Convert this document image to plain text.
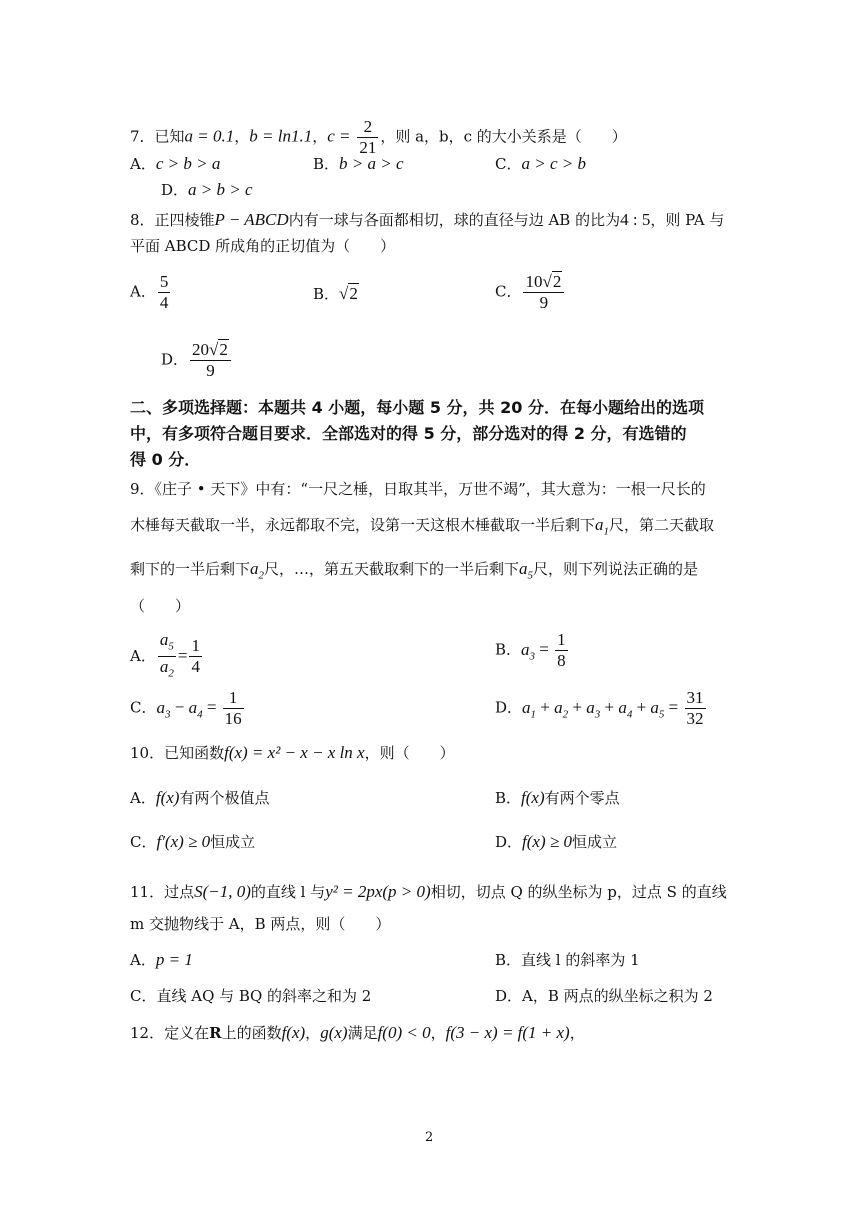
7．已知a = 0.1，b = ln1.1，$c = \frac{2}{21}$ ，则 a，b，c 的大小关系是（　　）
A．c > b > a	B．b > a > c	C．a > c > b
D．a > b > c
8．正四棱锥P − ABCD内有一球与各面都相切，球的直径与边 AB 的比为4 : 5，则 PA 与
平面 ABCD 所成角的正切值为（　　）
A． $\frac{5}{4}$	B．√2	C． $\frac{10√2}{9}$
D． $\frac{20√2}{9}$
二、多项选择题：本题共 4 小题，每小题 5 分，共 20 分．在每小题给出的选项
中，有多项符合题目要求．全部选对的得 5 分，部分选对的得 2 分，有选错的
得 0 分．
9．《庄子 • 天下》中有：“一尺之棰，日取其半，万世不竭”，其大意为：一根一尺长的
木棰每天截取一半，永远都取不完，设第一天这根木棰截取一半后剩下$a_1$尺，第二天截取
剩下的一半后剩下$a_2$尺，…，第五天截取剩下的一半后剩下$a_5$尺，则下列说法正确的是
（　　）
A． $\frac{a_5}{a_2} = \frac{1}{4}$	B．$a_3 = \frac{1}{8}$
C．$a_3 - a_4 = \frac{1}{16}$	D．$a_1 + a_2 + a_3 + a_4 + a_5 = \frac{31}{32}$
10．已知函数f(x) = x² − x − x ln x，则（　　）
A．f(x)有两个极值点	B．f(x)有两个零点
C．f′(x) ≥ 0恒成立	D．f(x) ≥ 0恒成立
11．过点S(−1, 0)的直线 l 与y² = 2px(p > 0)相切，切点 Q 的纵坐标为 p，过点 S 的直线
m 交抛物线于 A，B 两点，则（　　）
A．p = 1	B．直线 l 的斜率为 1
C．直线 AQ 与 BQ 的斜率之和为 2	D．A，B 两点的纵坐标之积为 2
12．定义在R上的函数f(x)，g(x)满足f(0) < 0，f(3 − x) = f(1 + x)，
2
